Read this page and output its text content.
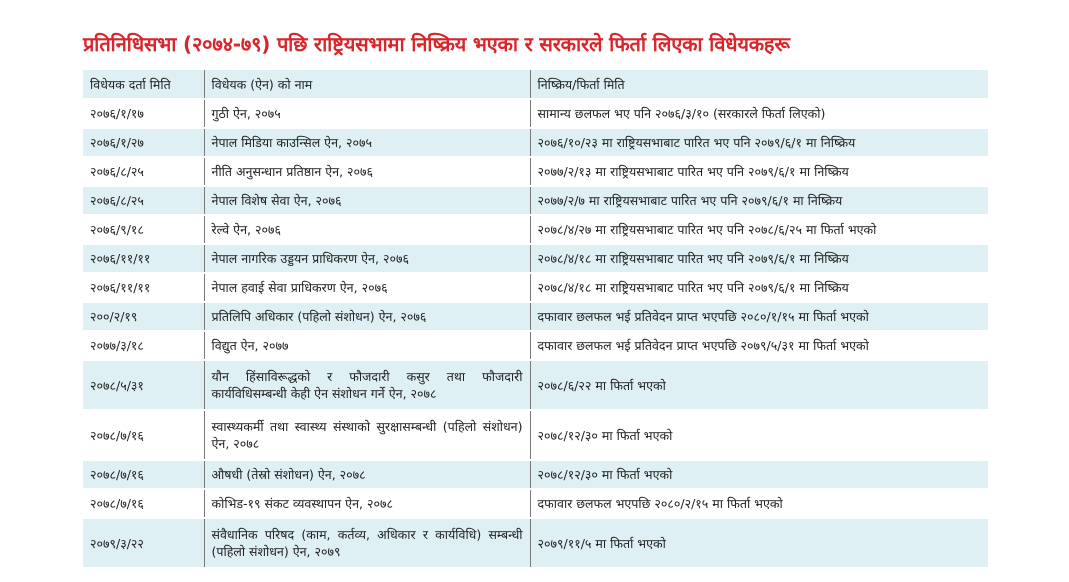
प्रतिनिधिसभा (२०७४-७९) पछि राष्ट्रियसभामा निष्क्रिय भएका र सरकारले फिर्ता लिएका विधेयकहरू
विधेयक दर्ता मिति	विधेयक (ऐन) को नाम	निष्क्रिय/फिर्ता मिति
२०७६/१/१७	गुठी ऐन, २०७५	सामान्य छलफल भए पनि २०७६/३/१० (सरकारले फिर्ता लिएको)
२०७६/१/२७	नेपाल मिडिया काउन्सिल ऐन, २०७५	२०७६/१०/२३ मा राष्ट्रियसभाबाट पारित भए पनि २०७९/६/१ मा निष्क्रिय
२०७६/८/२५	नीति अनुसन्धान प्रतिष्ठान ऐन, २०७६	२०७७/२/१३ मा राष्ट्रियसभाबाट पारित भए पनि २०७९/६/१ मा निष्क्रिय
२०७६/८/२५	नेपाल विशेष सेवा ऐन, २०७६	२०७७/२/७ मा राष्ट्रियसभाबाट पारित भए पनि २०७९/६/१ मा निष्क्रिय
२०७६/९/१८	रेल्वे ऐन, २०७६	२०७८/४/२७ मा राष्ट्रियसभाबाट पारित भए पनि २०७८/६/२५ मा फिर्ता भएको
२०७६/११/११	नेपाल नागरिक उड्डयन प्राधिकरण ऐन, २०७६	२०७८/४/१८ मा राष्ट्रियसभाबाट पारित भए पनि २०७९/६/१ मा निष्क्रिय
२०७६/११/११	नेपाल हवाई सेवा प्राधिकरण ऐन, २०७६	२०७८/४/१८ मा राष्ट्रियसभाबाट पारित भए पनि २०७९/६/१ मा निष्क्रिय
२००/२/१९	प्रतिलिपि अधिकार (पहिलो संशोधन) ऐन, २०७६	दफावार छलफल भई प्रतिवेदन प्राप्त भएपछि २०८०/१/१५ मा फिर्ता भएको
२०७७/३/१८	विद्युत ऐन, २०७७	दफावार छलफल भई प्रतिवेदन प्राप्त भएपछि २०७९/५/३१ मा फिर्ता भएको
२०७८/५/३१	यौन हिंसाविरूद्धको र फौजदारी कसुर तथा फौजदारी कार्यविधिसम्बन्धी केही ऐन संशोधन गर्ने ऐन, २०७८	२०७८/६/२२ मा फिर्ता भएको
२०७८/७/१६	स्वास्थ्यकर्मी तथा स्वास्थ्य संस्थाको सुरक्षासम्बन्धी (पहिलो संशोधन) ऐन, २०७८	२०७८/१२/३० मा फिर्ता भएको
२०७८/७/१६	औषधी (तेस्रो संशोधन) ऐन, २०७८	२०७८/१२/३० मा फिर्ता भएको
२०७८/७/१६	कोभिड-१९ संकट व्यवस्थापन ऐन, २०७८	दफावार छलफल भएपछि २०८०/२/१५ मा फिर्ता भएको
२०७९/३/२२	संवैधानिक परिषद (काम, कर्तव्य, अधिकार र कार्यविधि) सम्बन्धी (पहिलो संशोधन) ऐन, २०७९	२०७९/११/५ मा फिर्ता भएको
